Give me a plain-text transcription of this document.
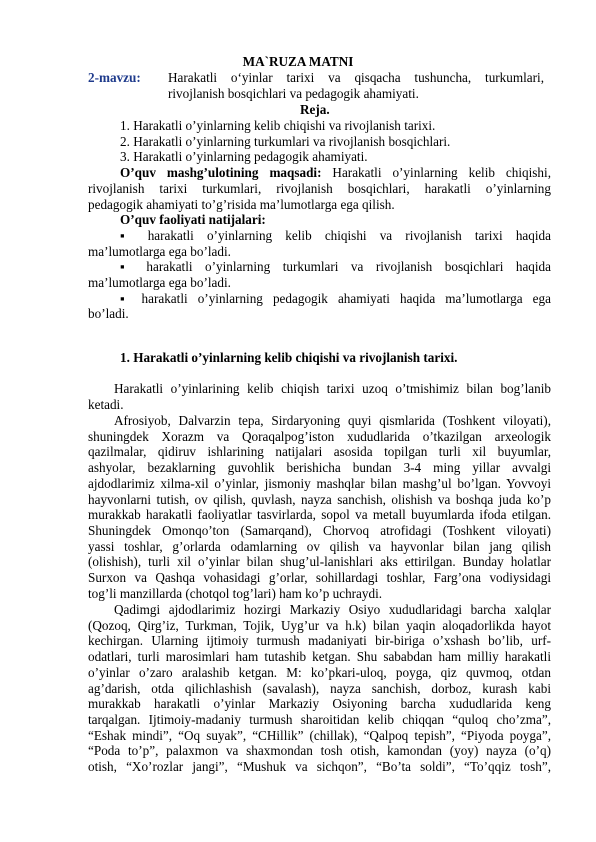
MA`RUZA MATNI
2-mavzu: Harakatli o‘yinlar tarixi va qisqacha tushuncha, turkumlari,
rivojlanish bosqichlari va pedagogik ahamiyati.
Reja.
1. Harakatli o’yinlarning kelib chiqishi va rivojlanish tarixi.
2. Harakatli o’yinlarning turkumlari va rivojlanish bosqichlari.
3. Harakatli o’yinlarning pedagogik ahamiyati.
O’quv mashg’ulotining maqsadi: Harakatli o’yinlarning kelib chiqishi,
rivojlanish tarixi turkumlari, rivojlanish bosqichlari, harakatli o’yinlarning
pedagogik ahamiyati to’g’risida ma’lumotlarga ega qilish.
O’quv faoliyati natijalari:
▪ harakatli o’yinlarning kelib chiqishi va rivojlanish tarixi haqida
ma’lumotlarga ega bo’ladi.
▪ harakatli o’yinlarning turkumlari va rivojlanish bosqichlari haqida
ma’lumotlarga ega bo’ladi.
▪ harakatli o’yinlarning pedagogik ahamiyati haqida ma’lumotlarga ega
bo’ladi.
1. Harakatli o’yinlarning kelib chiqishi va rivojlanish tarixi.
Harakatli o’yinlarining kelib chiqish tarixi uzoq o’tmishimiz bilan bog’lanib
ketadi.
Afrosiyob, Dalvarzin tepa, Sirdaryoning quyi qismlarida (Toshkent viloyati),
shuningdek Xorazm va Qoraqalpog’iston xududlarida o’tkazilgan arxeologik
qazilmalar, qidiruv ishlarining natijalari asosida topilgan turli xil buyumlar,
ashyolar, bezaklarning guvohlik berishicha bundan 3-4 ming yillar avvalgi
ajdodlarimiz xilma-xil o’yinlar, jismoniy mashqlar bilan mashg’ul bo’lgan. Yovvoyi
hayvonlarni tutish, ov qilish, quvlash, nayza sanchish, olishish va boshqa juda ko’p
murakkab harakatli faoliyatlar tasvirlarda, sopol va metall buyumlarda ifoda etilgan.
Shuningdek Omonqo’ton (Samarqand), Chorvoq atrofidagi (Toshkent viloyati)
yassi toshlar, g’orlarda odamlarning ov qilish va hayvonlar bilan jang qilish
(olishish), turli xil o’yinlar bilan shug’ul-lanishlari aks ettirilgan. Bunday holatlar
Surxon va Qashqa vohasidagi g’orlar, sohillardagi toshlar, Farg’ona vodiysidagi
tog’li manzillarda (chotqol tog’lari) ham ko’p uchraydi.
Qadimgi ajdodlarimiz hozirgi Markaziy Osiyo xududlaridagi barcha xalqlar
(Qozoq, Qirg’iz, Turkman, Tojik, Uyg’ur va h.k) bilan yaqin aloqadorlikda hayot
kechirgan. Ularning ijtimoiy turmush madaniyati bir-biriga o’xshash bo’lib, urf-
odatlari, turli marosimlari ham tutashib ketgan. Shu sababdan ham milliy harakatli
o’yinlar o’zaro aralashib ketgan. M: ko’pkari-uloq, poyga, qiz quvmoq, otdan
ag’darish, otda qilichlashish (savalash), nayza sanchish, dorboz, kurash kabi
murakkab harakatli o’yinlar Markaziy Osiyoning barcha xududlarida keng
tarqalgan. Ijtimoiy-madaniy turmush sharoitidan kelib chiqqan “quloq cho’zma”,
“Eshak mindi”, “Oq suyak”, “CHillik” (chillak), “Qalpoq tepish”, “Piyoda poyga”,
“Poda to’p”, palaxmon va shaxmondan tosh otish, kamondan (yoy) nayza (o’q)
otish, “Xo’rozlar jangi”, “Mushuk va sichqon”, “Bo’ta soldi”, “To’qqiz tosh”,
